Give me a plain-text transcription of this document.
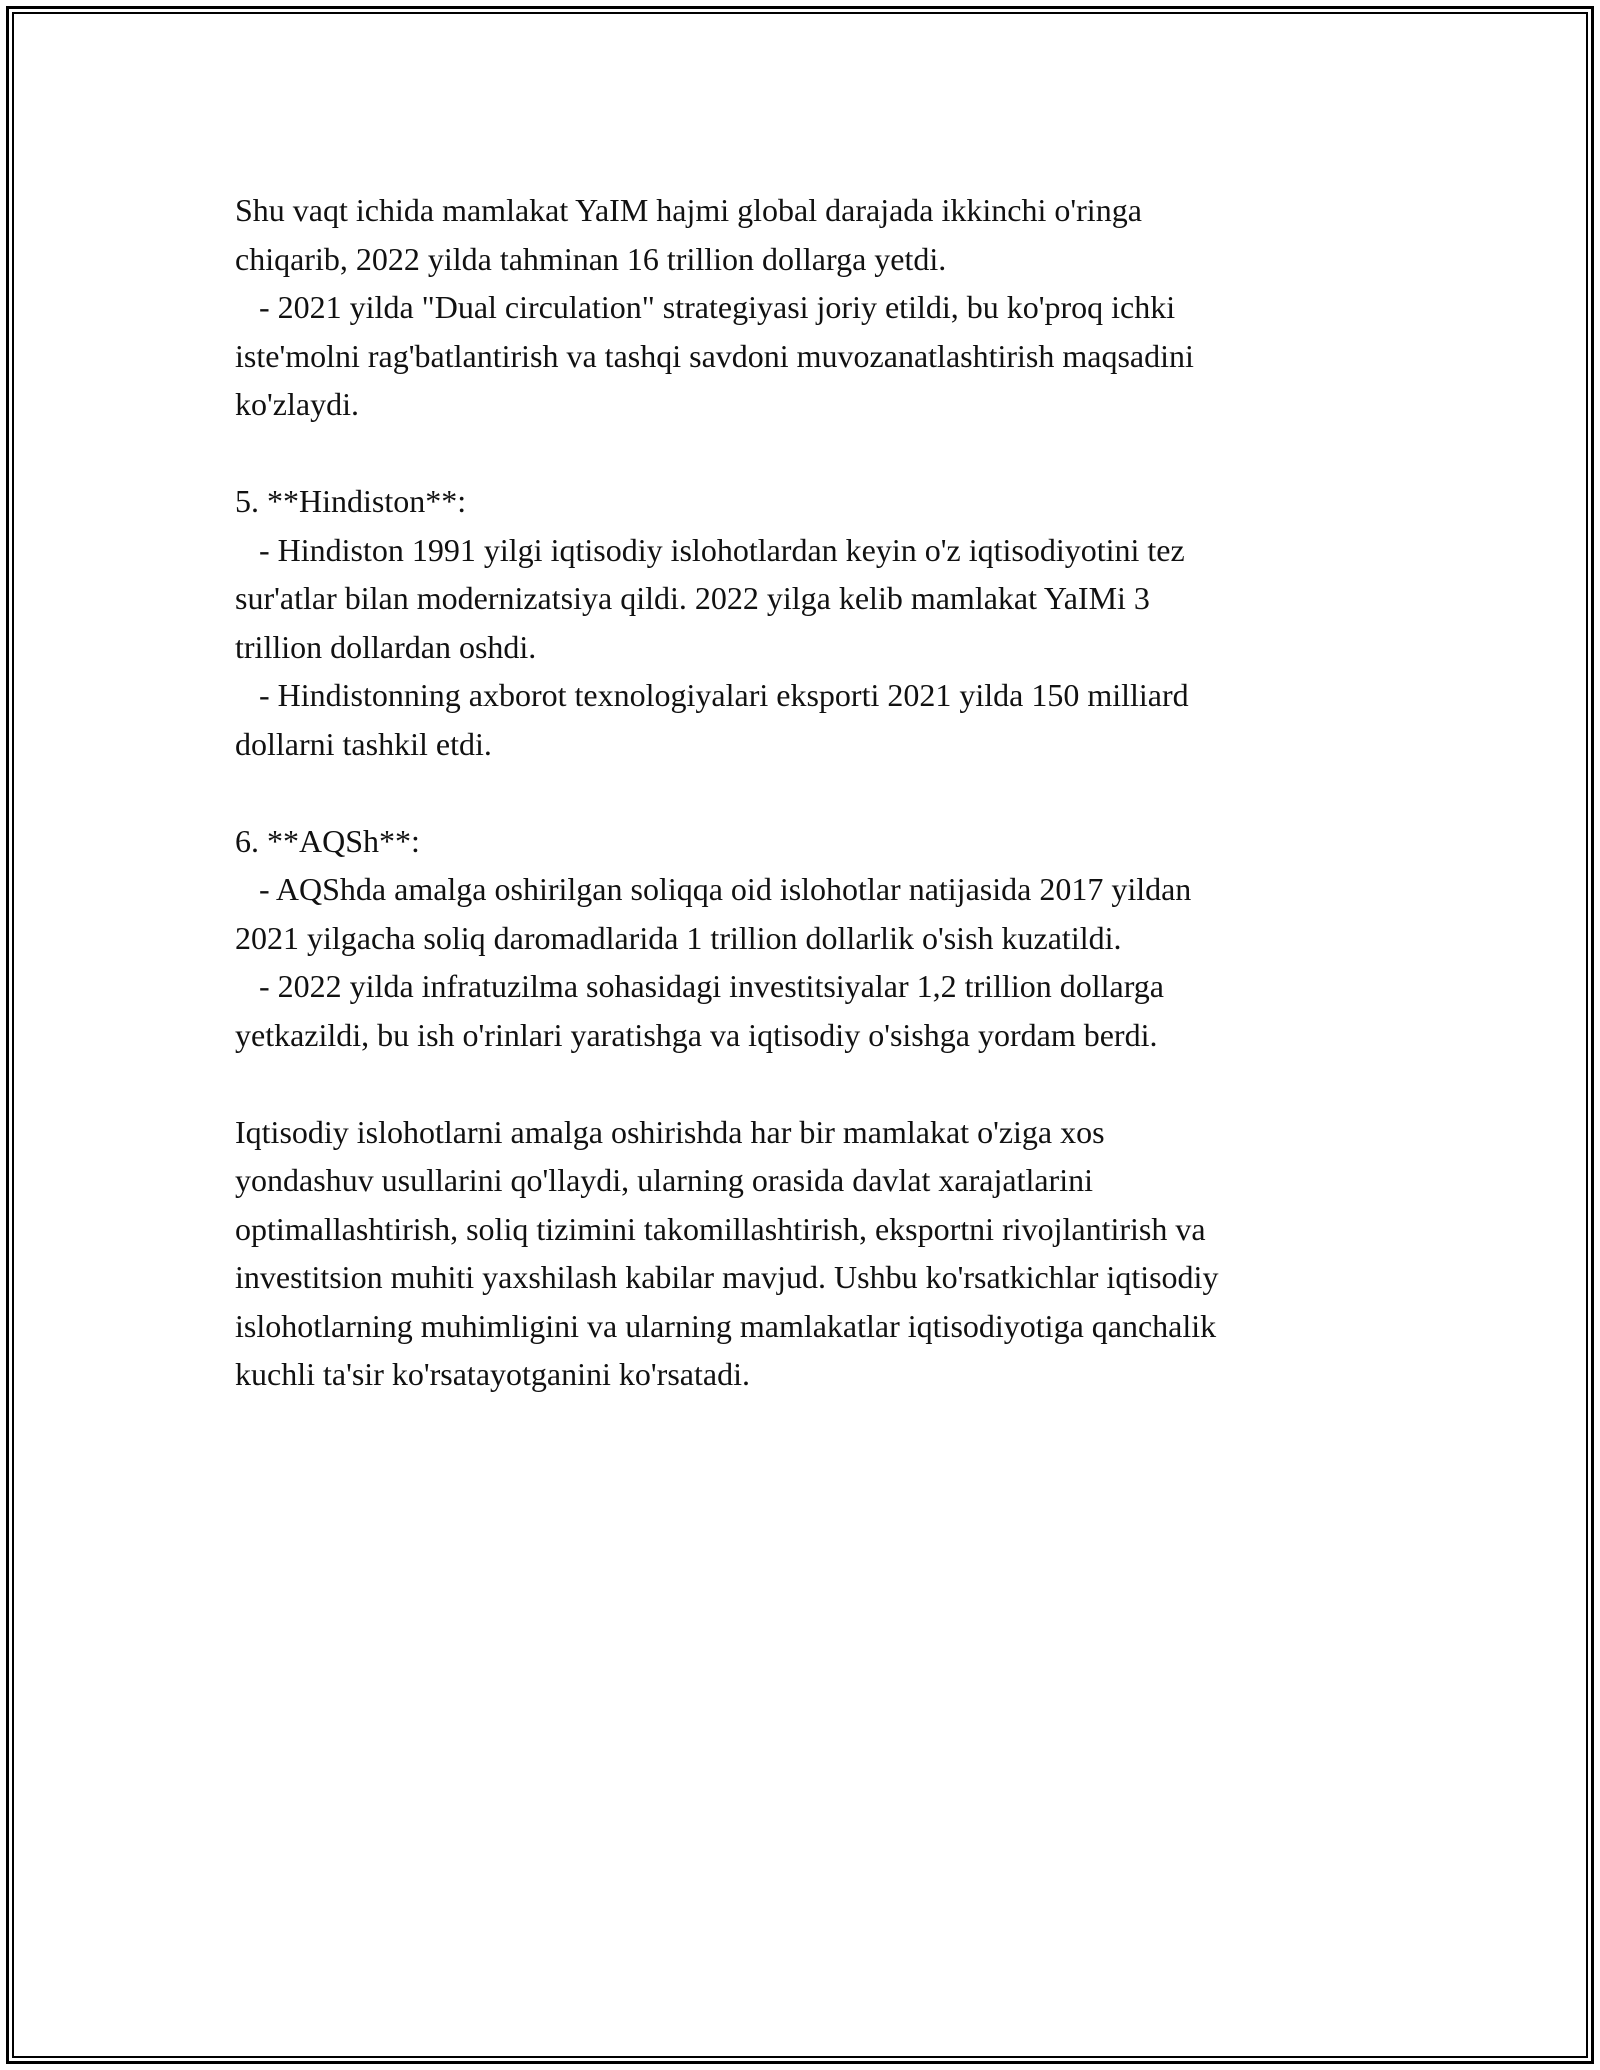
Shu vaqt ichida mamlakat YaIM hajmi global darajada ikkinchi o'ringa
chiqarib, 2022 yilda tahminan 16 trillion dollarga yetdi.
- 2021 yilda "Dual circulation" strategiyasi joriy etildi, bu ko'proq ichki
iste'molni rag'batlantirish va tashqi savdoni muvozanatlashtirish maqsadini
ko'zlaydi.
5. **Hindiston**:
- Hindiston 1991 yilgi iqtisodiy islohotlardan keyin o'z iqtisodiyotini tez
sur'atlar bilan modernizatsiya qildi. 2022 yilga kelib mamlakat YaIMi 3
trillion dollardan oshdi.
- Hindistonning axborot texnologiyalari eksporti 2021 yilda 150 milliard
dollarni tashkil etdi.
6. **AQSh**:
- AQShda amalga oshirilgan soliqqa oid islohotlar natijasida 2017 yildan
2021 yilgacha soliq daromadlarida 1 trillion dollarlik o'sish kuzatildi.
- 2022 yilda infratuzilma sohasidagi investitsiyalar 1,2 trillion dollarga
yetkazildi, bu ish o'rinlari yaratishga va iqtisodiy o'sishga yordam berdi.
Iqtisodiy islohotlarni amalga oshirishda har bir mamlakat o'ziga xos
yondashuv usullarini qo'llaydi, ularning orasida davlat xarajatlarini
optimallashtirish, soliq tizimini takomillashtirish, eksportni rivojlantirish va
investitsion muhiti yaxshilash kabilar mavjud. Ushbu ko'rsatkichlar iqtisodiy
islohotlarning muhimligini va ularning mamlakatlar iqtisodiyotiga qanchalik
kuchli ta'sir ko'rsatayotganini ko'rsatadi.
